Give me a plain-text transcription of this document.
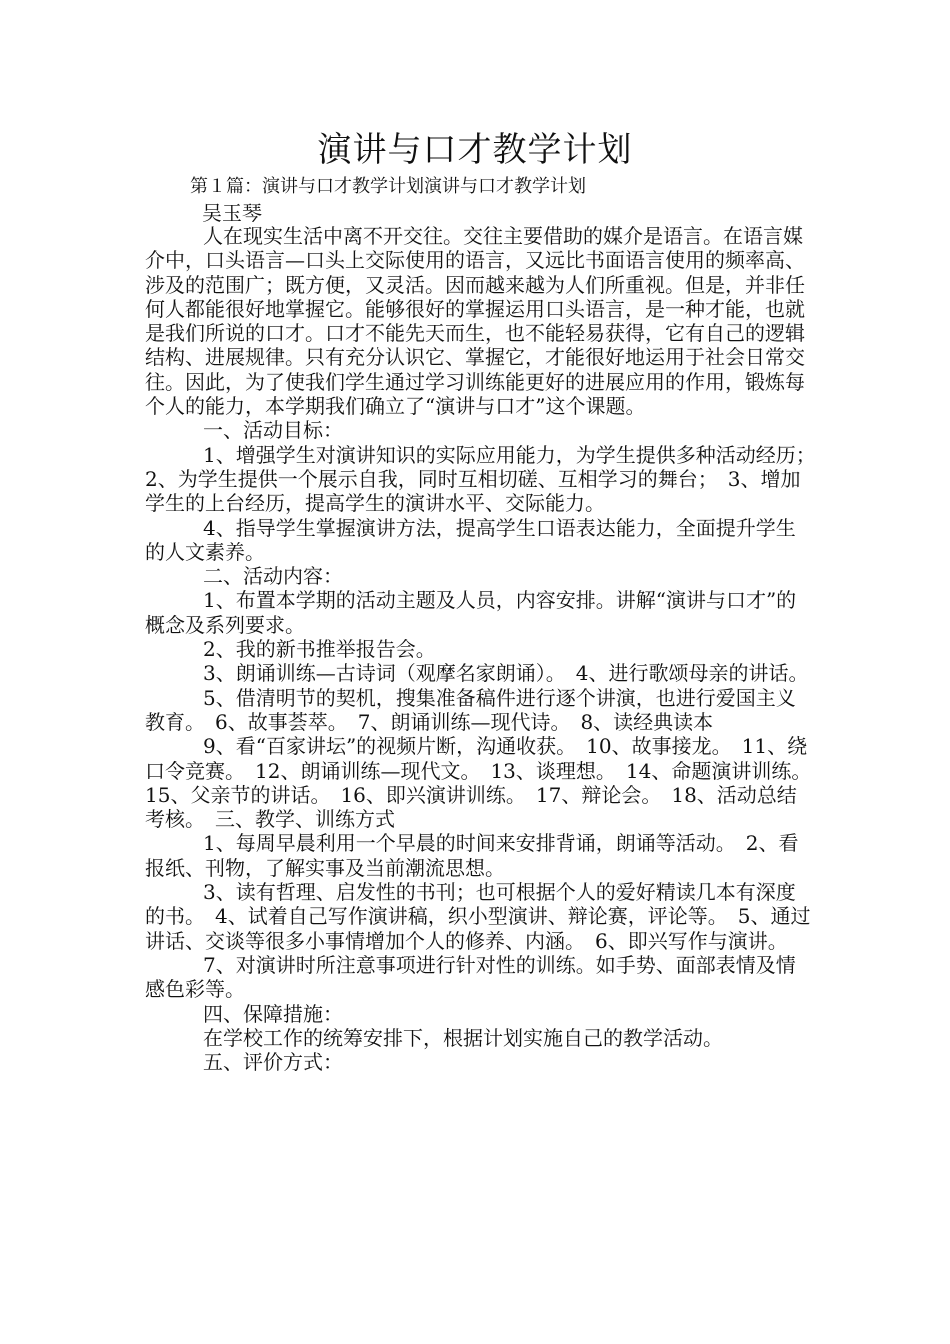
演讲与口才教学计划
第１篇：演讲与口才教学计划演讲与口才教学计划
吴玉琴

人在现实生活中离不开交往。交往主要借助的媒介是语言。在语言媒介中，口头语言—口头上交际使用的语言，又远比书面语言使用的频率高、涉及的范围广；既方便，又灵活。因而越来越为人们所重视。但是，并非任何人都能很好地掌握它。能够很好的掌握运用口头语言，是一种才能，也就是我们所说的口才。口才不能先天而生，也不能轻易获得，它有自己的逻辑结构、进展规律。只有充分认识它、掌握它，才能很好地运用于社会日常交往。因此，为了使我们学生通过学习训练能更好的进展应用的作用，锻炼每个人的能力，本学期我们确立了“演讲与口才”这个课题。

一、活动目标：

1、增强学生对演讲知识的实际应用能力，为学生提供多种活动经历；　2、为学生提供一个展示自我，同时互相切磋、互相学习的舞台；　3、增加学生的上台经历，提高学生的演讲水平、交际能力。

4、指导学生掌握演讲方法，提高学生口语表达能力，全面提升学生的人文素养。

二、活动内容：

1、布置本学期的活动主题及人员，内容安排。讲解“演讲与口才”的概念及系列要求。

2、我的新书推举报告会。

3、朗诵训练—古诗词（观摩名家朗诵）。　4、进行歌颂母亲的讲话。

5、借清明节的契机，搜集准备稿件进行逐个讲演，也进行爱国主义教育。　6、故事荟萃。　7、朗诵训练—现代诗。　8、读经典读本

9、看“百家讲坛”的视频片断，沟通收获。　10、故事接龙。　11、绕口令竞赛。　12、朗诵训练—现代文。　13、谈理想。　14、命题演讲训练。　15、父亲节的讲话。　16、即兴演讲训练。　17、辩论会。　18、活动总结考核。　三、教学、训练方式

1、每周早晨利用一个早晨的时间来安排背诵，朗诵等活动。　2、看报纸、刊物，了解实事及当前潮流思想。

3、读有哲理、启发性的书刊；也可根据个人的爱好精读几本有深度的书。　4、试着自己写作演讲稿，织小型演讲、辩论赛，评论等。　5、通过讲话、交谈等很多小事情增加个人的修养、内涵。　6、即兴写作与演讲。

7、对演讲时所注意事项进行针对性的训练。如手势、面部表情及情感色彩等。

四、保障措施：

在学校工作的统筹安排下，根据计划实施自己的教学活动。

五、评价方式：
